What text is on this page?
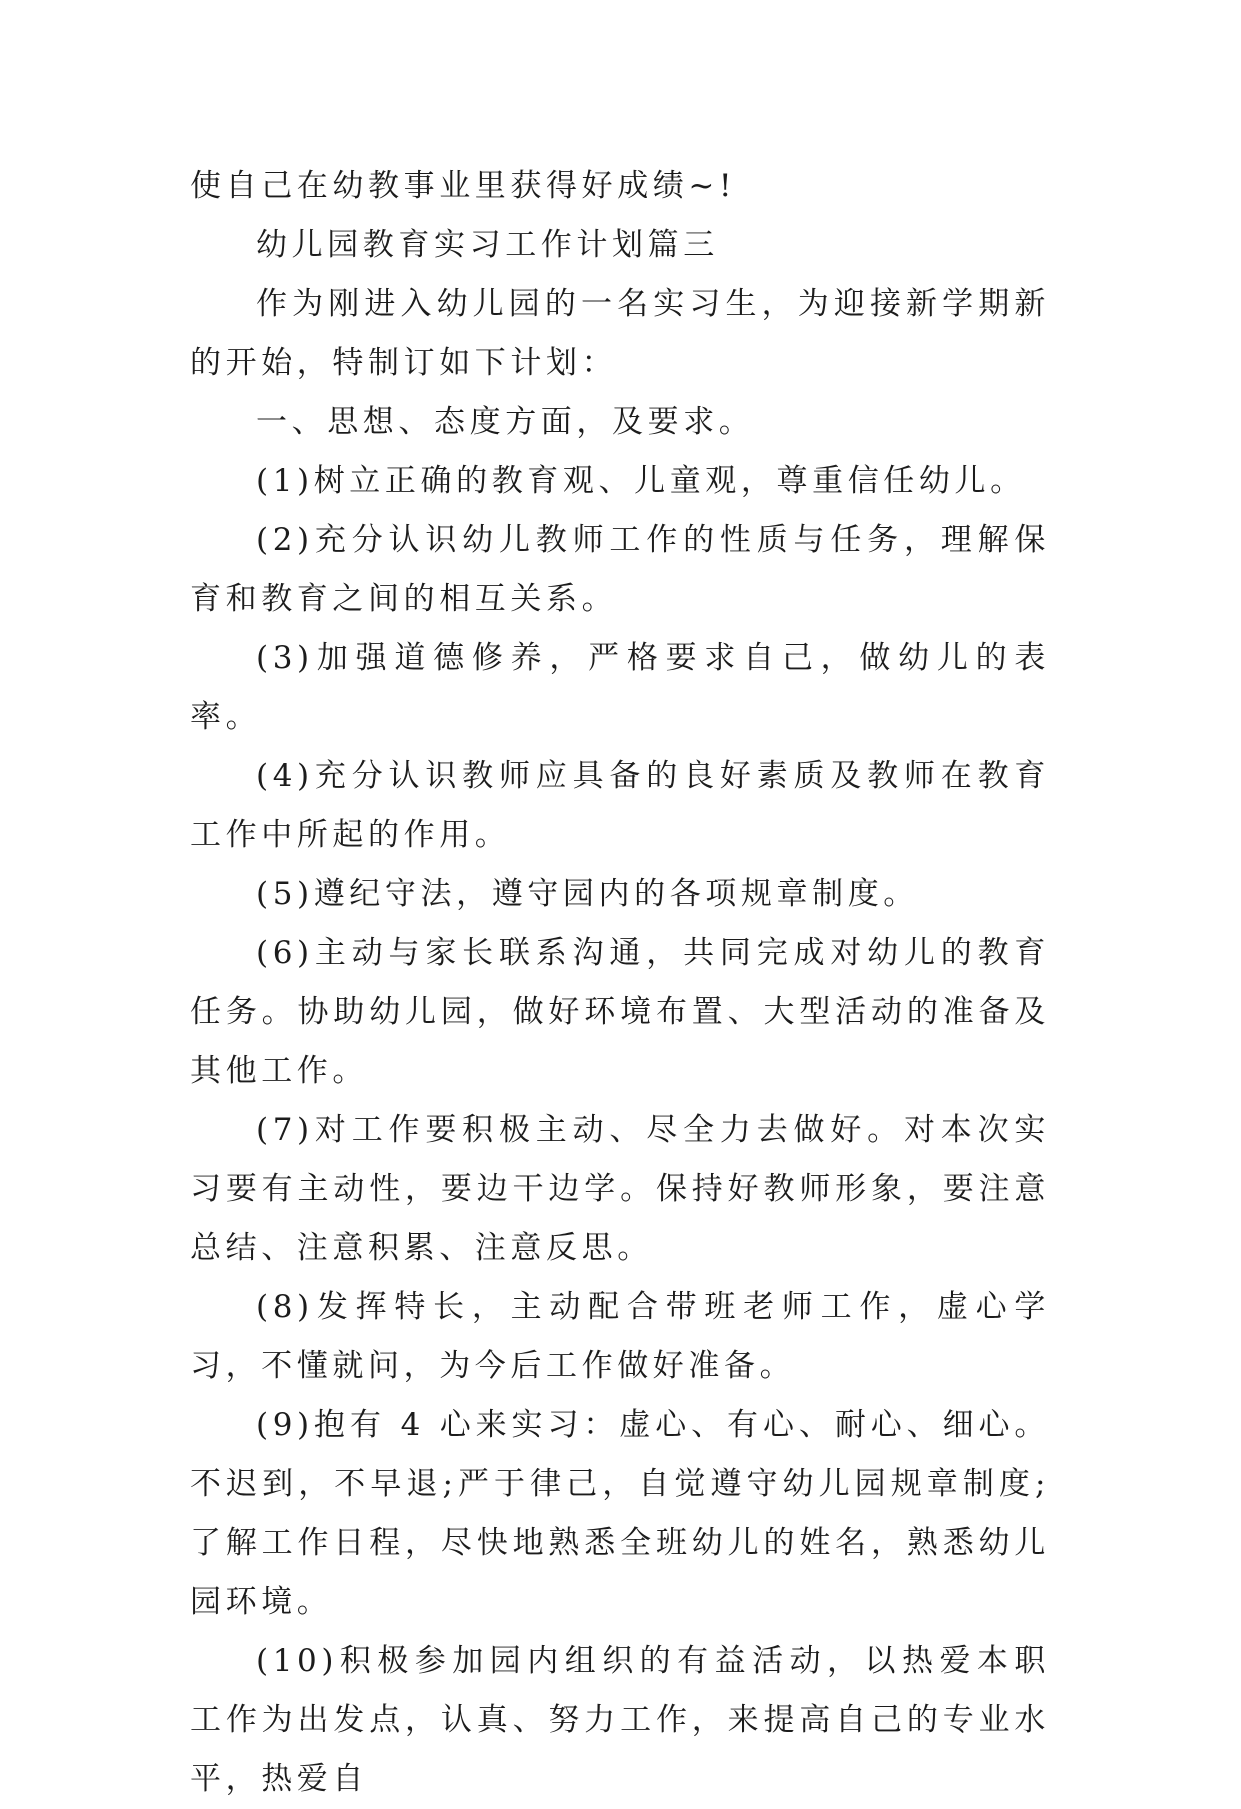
使自己在幼教事业里获得好成绩~!

幼儿园教育实习工作计划篇三

作为刚进入幼儿园的一名实习生，为迎接新学期新的开始，特制订如下计划：

一、思想、态度方面，及要求。

(1)树立正确的教育观、儿童观，尊重信任幼儿。

(2)充分认识幼儿教师工作的性质与任务，理解保育和教育之间的相互关系。

(3)加强道德修养，严格要求自己，做幼儿的表率。

(4)充分认识教师应具备的良好素质及教师在教育工作中所起的作用。

(5)遵纪守法，遵守园内的各项规章制度。

(6)主动与家长联系沟通，共同完成对幼儿的教育任务。协助幼儿园，做好环境布置、大型活动的准备及其他工作。

(7)对工作要积极主动、尽全力去做好。对本次实习要有主动性，要边干边学。保持好教师形象，要注意总结、注意积累、注意反思。

(8)发挥特长，主动配合带班老师工作，虚心学习，不懂就问，为今后工作做好准备。

(9)抱有 4 心来实习：虚心、有心、耐心、细心。不迟到，不早退;严于律己，自觉遵守幼儿园规章制度;了解工作日程，尽快地熟悉全班幼儿的姓名，熟悉幼儿园环境。

(10)积极参加园内组织的有益活动，以热爱本职工作为出发点，认真、努力工作，来提高自己的专业水平，热爱自
